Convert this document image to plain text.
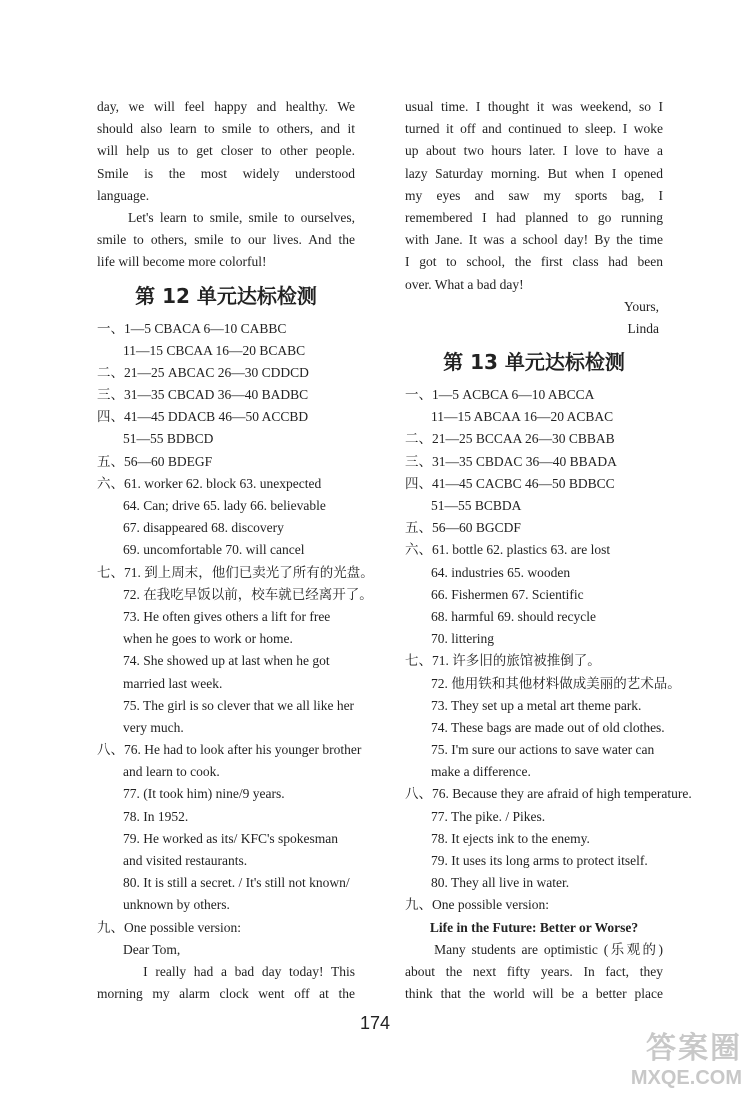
day, we will feel happy and healthy. We
should also learn to smile to others, and it
will help us to get closer to other people.
Smile is the most widely understood
language.
Let's learn to smile, smile to ourselves,
smile to others, smile to our lives. And the
life will become more colorful!
第 12 单元达标检测
一、1—5 CBACA 6—10 CABBC
11—15 CBCAA 16—20 BCABC
二、21—25 ABCAC 26—30 CDDCD
三、31—35 CBCAD 36—40 BADBC
四、41—45 DDACB 46—50 ACCBD
51—55 BDBCD
五、56—60 BDEGF
六、61. worker 62. block 63. unexpected
64. Can; drive 65. lady 66. believable
67. disappeared 68. discovery
69. uncomfortable 70. will cancel
七、71. 到上周末，他们已卖光了所有的光盘。
72. 在我吃早饭以前，校车就已经离开了。
73. He often gives others a lift for free
when he goes to work or home.
74. She showed up at last when he got
married last week.
75. The girl is so clever that we all like her
very much.
八、76. He had to look after his younger brother
and learn to cook.
77. (It took him) nine/9 years.
78. In 1952.
79. He worked as its/ KFC's spokesman
and visited restaurants.
80. It is still a secret. / It's still not known/
unknown by others.
九、One possible version:
Dear Tom,
I really had a bad day today! This
morning my alarm clock went off at the
usual time. I thought it was weekend, so I
turned it off and continued to sleep. I woke
up about two hours later. I love to have a
lazy Saturday morning. But when I opened
my eyes and saw my sports bag, I
remembered I had planned to go running
with Jane. It was a school day! By the time
I got to school, the first class had been
over. What a bad day!
Yours,
Linda
第 13 单元达标检测
一、1—5 ACBCA 6—10 ABCCA
11—15 ABCAA 16—20 ACBAC
二、21—25 BCCAA 26—30 CBBAB
三、31—35 CBDAC 36—40 BBADA
四、41—45 CACBC 46—50 BDBCC
51—55 BCBDA
五、56—60 BGCDF
六、61. bottle 62. plastics 63. are lost
64. industries 65. wooden
66. Fishermen 67. Scientific
68. harmful 69. should recycle
70. littering
七、71. 许多旧的旅馆被推倒了。
72. 他用铁和其他材料做成美丽的艺术品。
73. They set up a metal art theme park.
74. These bags are made out of old clothes.
75. I'm sure our actions to save water can
make a difference.
八、76. Because they are afraid of high temperature.
77. The pike. / Pikes.
78. It ejects ink to the enemy.
79. It uses its long arms to protect itself.
80. They all live in water.
九、One possible version:
Life in the Future: Better or Worse?
Many students are optimistic (乐观的)
about the next fifty years. In fact, they
think that the world will be a better place
174
答案圈
MXQE.COM
